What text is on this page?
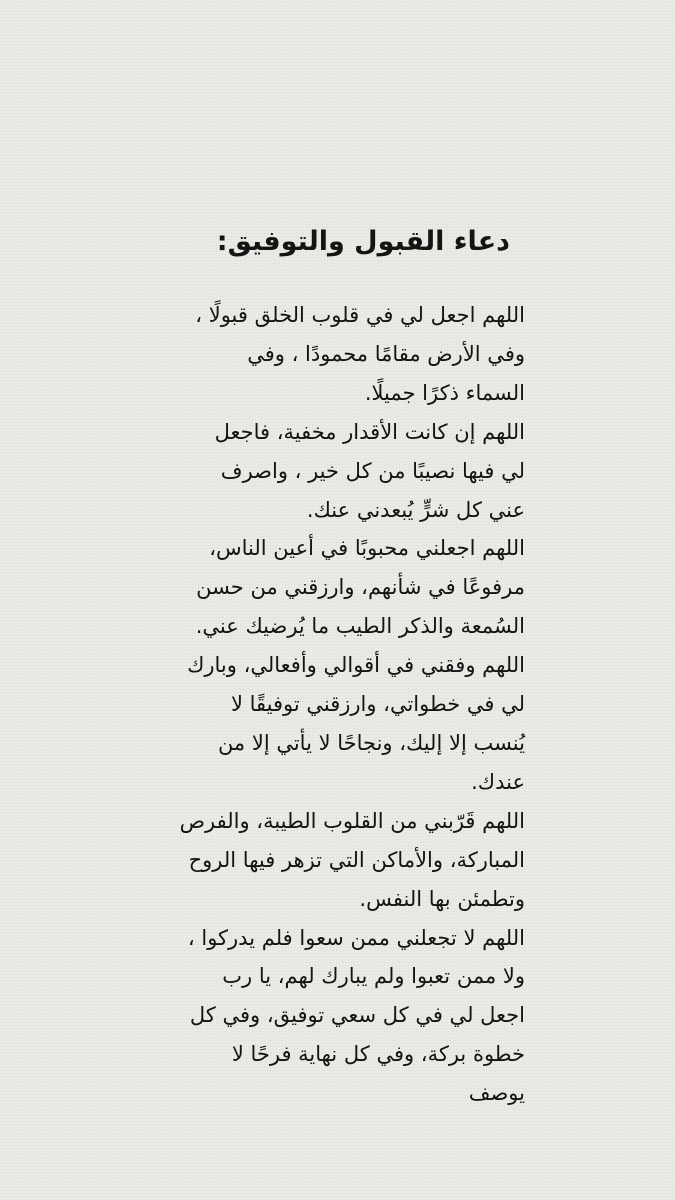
دعاء القبول والتوفيق:
اللهم اجعل لي في قلوب الخلق قبولًا ،
وفي الأرض مقامًا محمودًا ، وفي
السماء ذكرًا جميلًا.
اللهم إن كانت الأقدار مخفية، فاجعل
لي فيها نصيبًا من كل خير ، واصرف
عني كل شرٍّ يُبعدني عنك.
اللهم اجعلني محبوبًا في أعين الناس،
مرفوعًا في شأنهم، وارزقني من حسن
السُمعة والذكر الطيب ما يُرضيك عني.
اللهم وفقني في أقوالي وأفعالي، وبارك
لي في خطواتي، وارزقني توفيقًا لا
يُنسب إلا إليك، ونجاحًا لا يأتي إلا من
عندك.
اللهم قَرّبني من القلوب الطيبة، والفرص
المباركة، والأماكن التي تزهر فيها الروح
وتطمئن بها النفس.
اللهم لا تجعلني ممن سعوا فلم يدركوا ،
ولا ممن تعبوا ولم يبارك لهم، يا رب
اجعل لي في كل سعي توفيق، وفي كل
خطوة بركة، وفي كل نهاية فرحًا لا
يوصف
